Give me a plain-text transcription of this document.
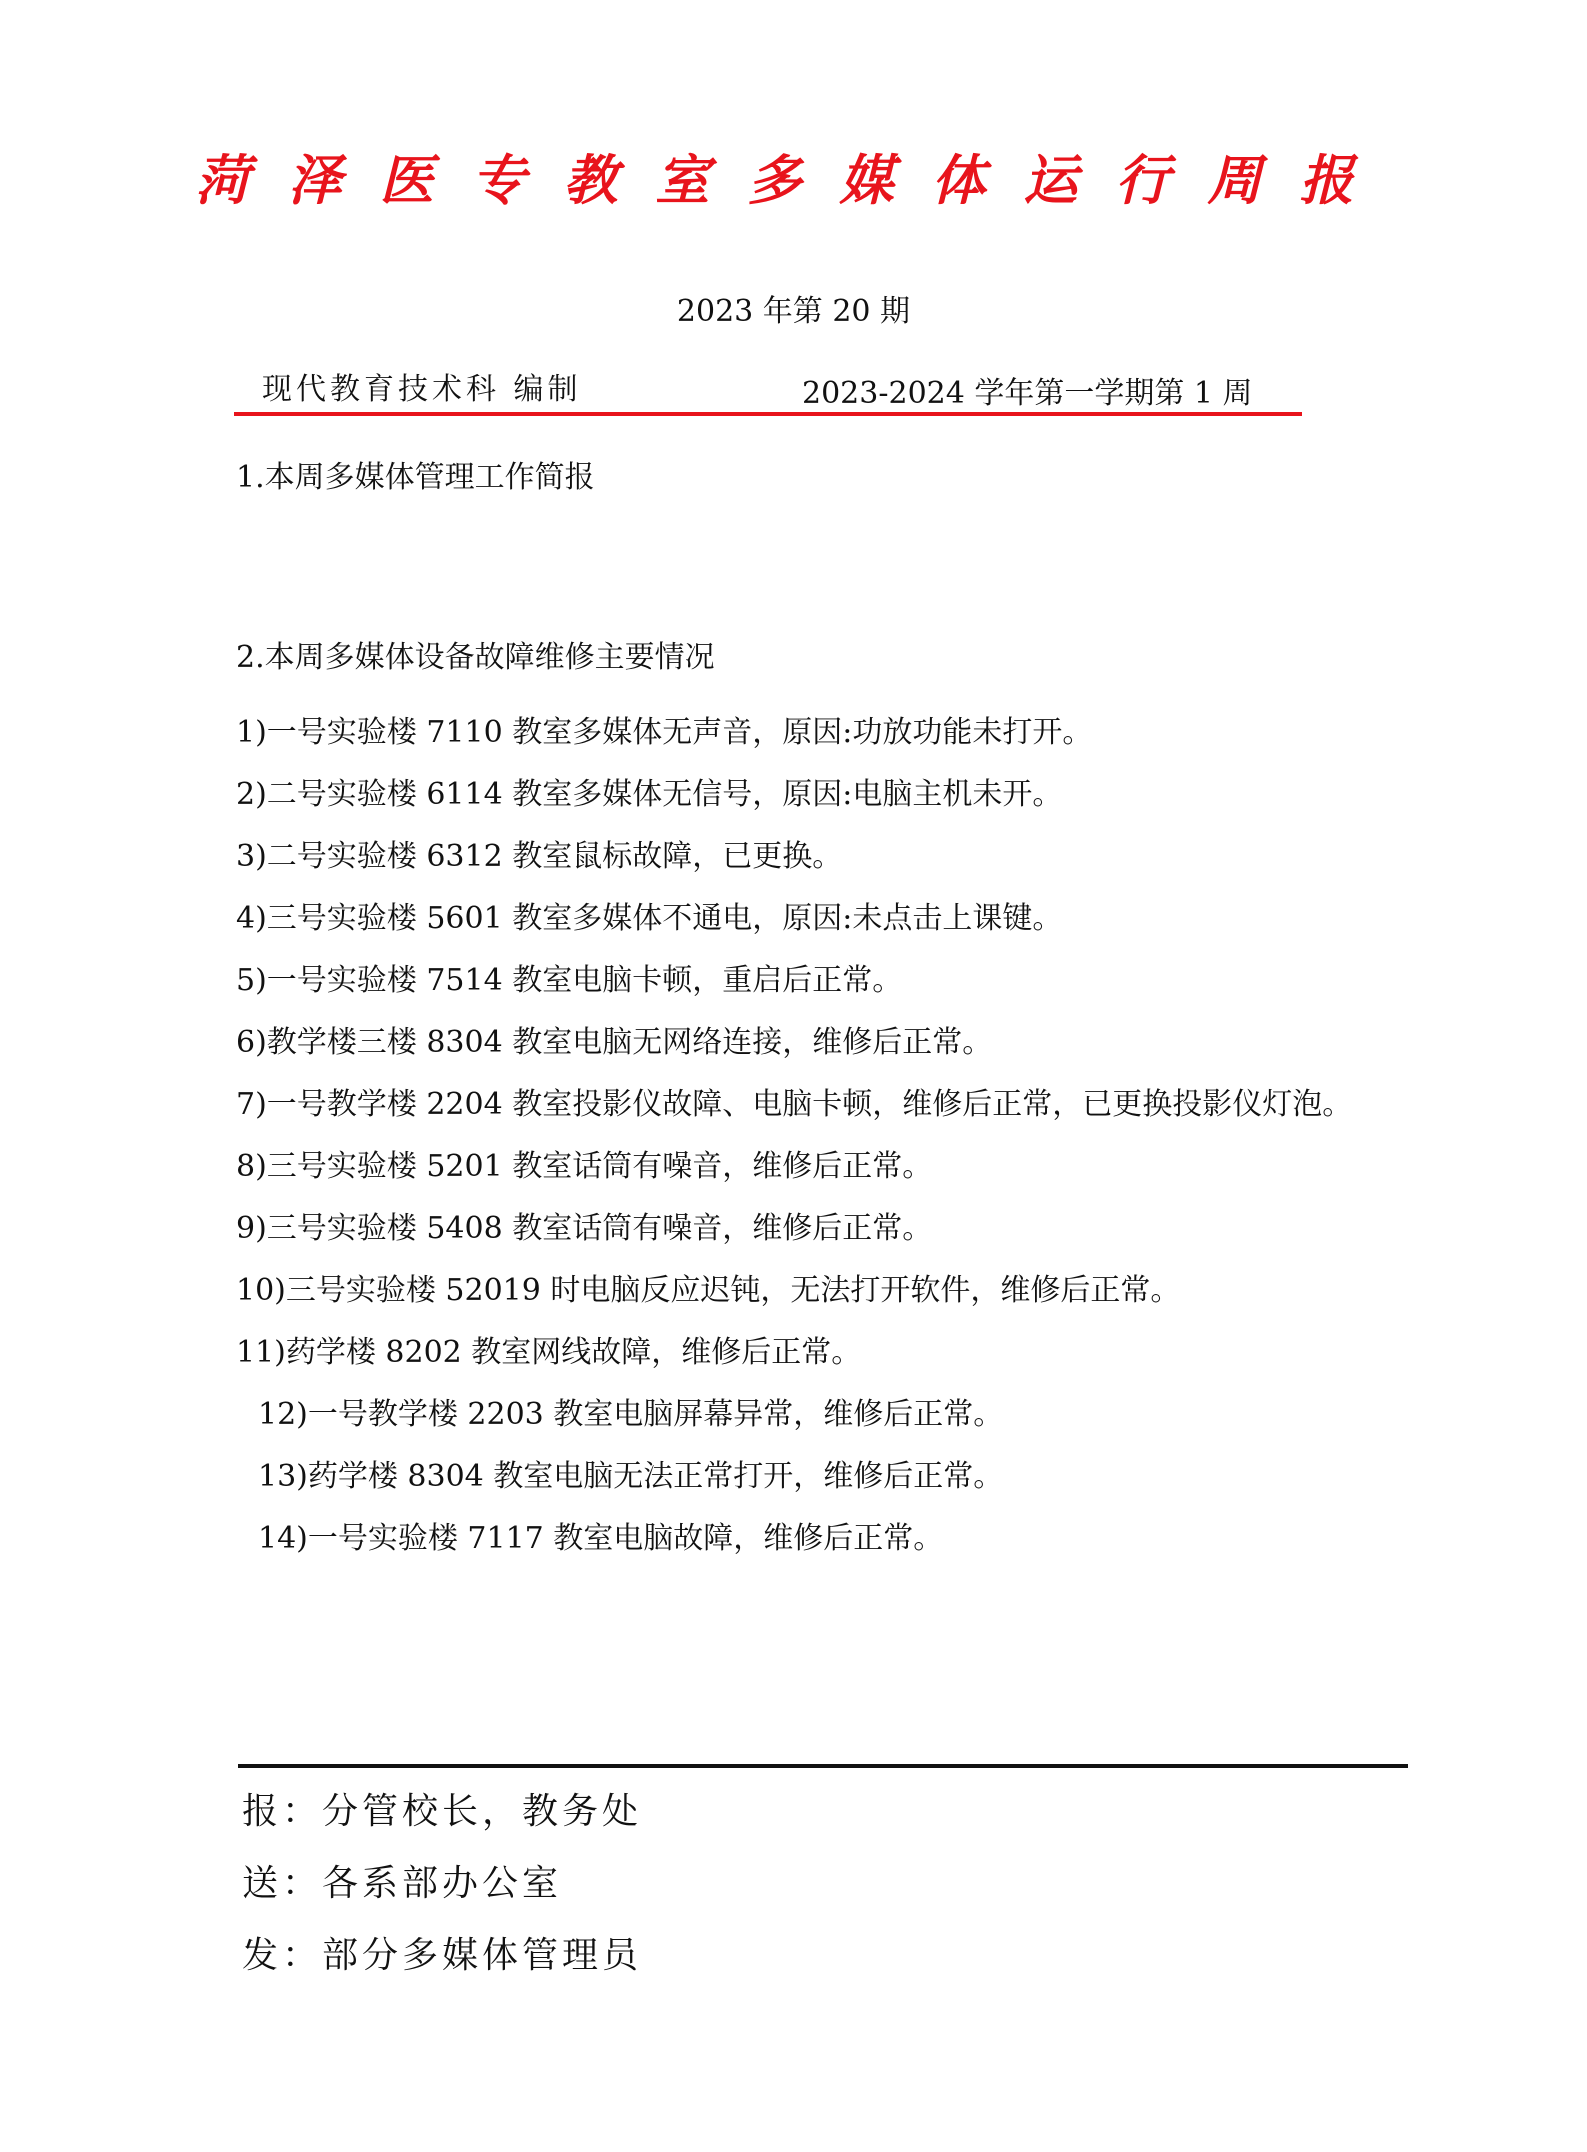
菏泽医专教室多媒体运行周报
2023 年第 20 期
现代教育技术科 编制	2023-2024 学年第一学期第 1 周
1.本周多媒体管理工作简报
2.本周多媒体设备故障维修主要情况
1)一号实验楼 7110 教室多媒体无声音，原因:功放功能未打开。
2)二号实验楼 6114 教室多媒体无信号，原因:电脑主机未开。
3)二号实验楼 6312 教室鼠标故障，已更换。
4)三号实验楼 5601 教室多媒体不通电，原因:未点击上课键。
5)一号实验楼 7514 教室电脑卡顿，重启后正常。
6)教学楼三楼 8304 教室电脑无网络连接，维修后正常。
7)一号教学楼 2204 教室投影仪故障、电脑卡顿，维修后正常，已更换投影仪灯泡。
8)三号实验楼 5201 教室话筒有噪音，维修后正常。
9)三号实验楼 5408 教室话筒有噪音，维修后正常。
10)三号实验楼 52019 时电脑反应迟钝，无法打开软件，维修后正常。
11)药学楼 8202 教室网线故障，维修后正常。
12)一号教学楼 2203 教室电脑屏幕异常，维修后正常。
13)药学楼 8304 教室电脑无法正常打开，维修后正常。
14)一号实验楼 7117 教室电脑故障，维修后正常。
报：分管校长，教务处
送：各系部办公室
发：部分多媒体管理员
